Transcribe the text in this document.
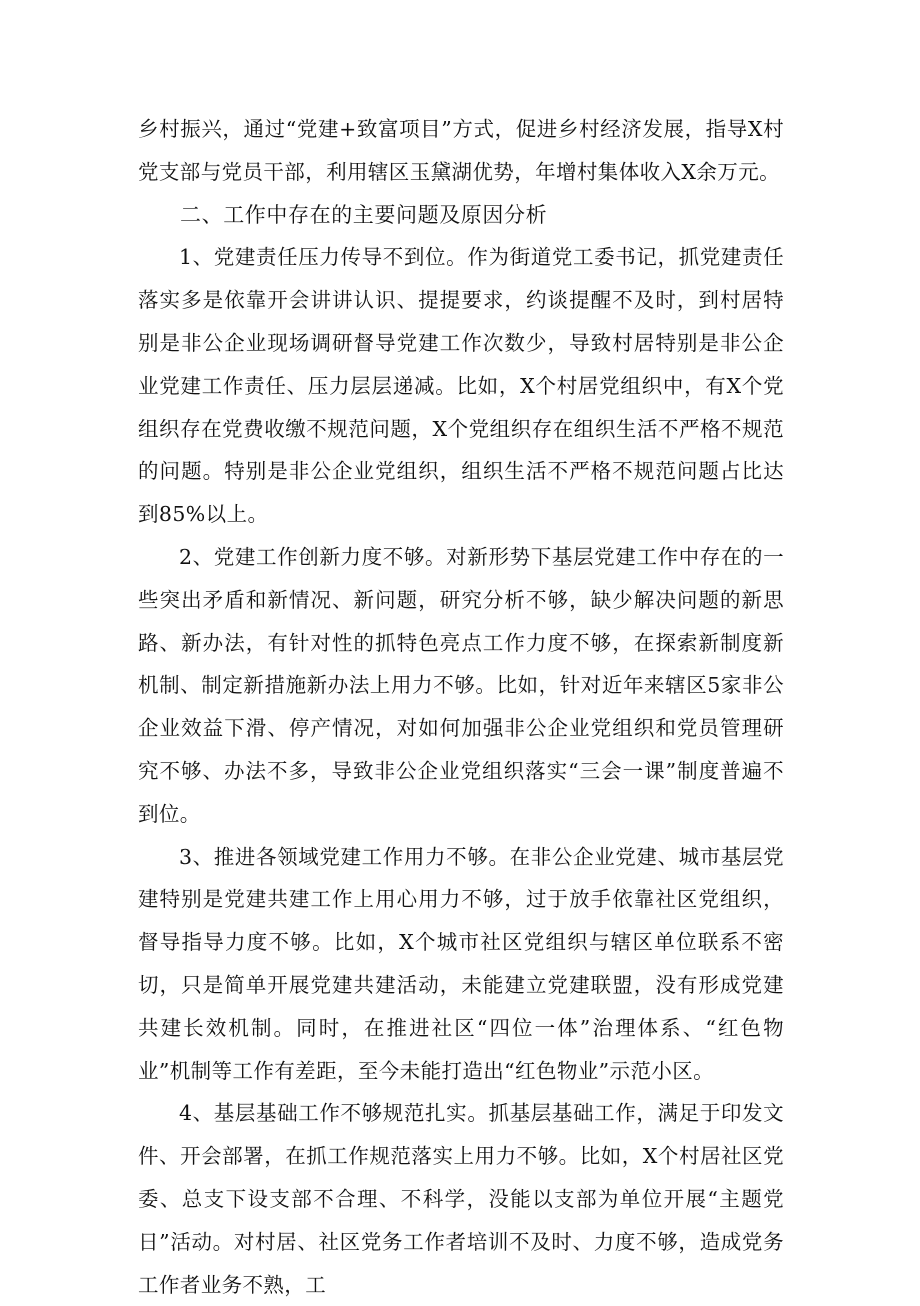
乡村振兴，通过“党建+致富项目”方式，促进乡村经济发展，指导X村党支部与党员干部，利用辖区玉黛湖优势，年增村集体收入X余万元。

二、工作中存在的主要问题及原因分析

1、党建责任压力传导不到位。作为街道党工委书记，抓党建责任落实多是依靠开会讲讲认识、提提要求，约谈提醒不及时，到村居特别是非公企业现场调研督导党建工作次数少，导致村居特别是非公企业党建工作责任、压力层层递减。比如，X个村居党组织中，有X个党组织存在党费收缴不规范问题，X个党组织存在组织生活不严格不规范的问题。特别是非公企业党组织，组织生活不严格不规范问题占比达到85%以上。

2、党建工作创新力度不够。对新形势下基层党建工作中存在的一些突出矛盾和新情况、新问题，研究分析不够，缺少解决问题的新思路、新办法，有针对性的抓特色亮点工作力度不够，在探索新制度新机制、制定新措施新办法上用力不够。比如，针对近年来辖区5家非公企业效益下滑、停产情况，对如何加强非公企业党组织和党员管理研究不够、办法不多，导致非公企业党组织落实“三会一课”制度普遍不到位。

3、推进各领域党建工作用力不够。在非公企业党建、城市基层党建特别是党建共建工作上用心用力不够，过于放手依靠社区党组织，督导指导力度不够。比如，X个城市社区党组织与辖区单位联系不密切，只是简单开展党建共建活动，未能建立党建联盟，没有形成党建共建长效机制。同时，在推进社区“四位一体”治理体系、“红色物业”机制等工作有差距，至今未能打造出“红色物业”示范小区。

4、基层基础工作不够规范扎实。抓基层基础工作，满足于印发文件、开会部署，在抓工作规范落实上用力不够。比如，X个村居社区党委、总支下设支部不合理、不科学，没能以支部为单位开展“主题党日”活动。对村居、社区党务工作者培训不及时、力度不够，造成党务工作者业务不熟，工
